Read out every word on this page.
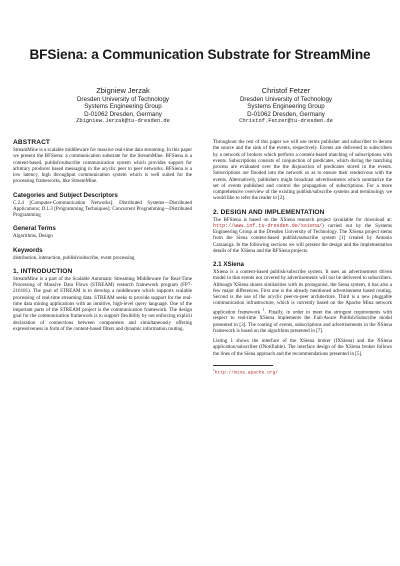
BFSiena: a Communication Substrate for StreamMine
Zbigniew Jerzak
Dresden University of Technology
Systems Engineering Group
D-01062 Dresden, Germany
Zbigniew.Jerzak@tu-dresden.de
Christof Fetzer
Dresden University of Technology
Systems Engineering Group
D-01062 Dresden, Germany
Christof.Fetzer@tu-dresden.de
ABSTRACT

StreamMine is a scalable middleware for massive real-time data streaming. In this paper we present the BFSiena: a communication substrate for the StreamMine. BFSiena is a content-based, publish/subscribe communication system which provides support for arbitrary producer based messaging in the acyclic peer to peer networks. BFSiena is a low latency, high throughput communication system which is well suited for the processing frameworks, like StreamMine.

Categories and Subject Descriptors

C.2.4 [Computer-Communication Networks]: Distributed Systems—Distributed Applications; D.1.3 [Programming Techniques]: Concurrent Programming—Distributed Programming

General Terms

Algorithms, Design

Keywords

distribution, interaction, publish/subscribe, event processing

1. INTRODUCTION

StreamMine is a part of the Scalable Automatic Streaming Middleware for Real-Time Processing of Massive Data Flows (STREAM) research framework program (FP7-216181). The goal of STREAM is to develop a middleware which supports scalable processing of real-time streaming data. STREAM seeks to provide support for the real-time data mining applications with an intuitive, high-level query language. One of the important parts of the STREAM project is the communication framework. The design goal for the communication framework is to support flexibility by not enforcing explicit declaration of connections between components and simultaneously offering expressiveness in form of the content-based filters and dynamic information routing.

Throughout the rest of this paper we will use terms publisher and subscriber to denote the source and the sink of the events, respectively. Events are delivered to subscribers by a network of brokers which perform a content-based matching of subscriptions with events. Subscriptions consists of conjunction of predicates, which during the matching process are evaluated over the the disjunction of predicates stored in the events. Subscriptions are flooded into the network so as to ensure their rendezvous with the events. Alternatively, publishers might broadcast advertisements which summarize the set of events published and control the propagation of subscriptions. For a more comprehensive overview of the existing publish/subscribe systems and terminology we would like to refer the reader to [2].

2. DESIGN AND IMPLEMENTATION

The BFSiena is based on the XSiena research project (available for download at: http://www.inf.tu-dresden.de/xsiena/) carried out by the Systems Engineering Group at the Dresden University of Technology. The XSiena project stems from the Siena content-based publish/subscribe system [1] created by Antonio Carzaniga. In the following sections we will present the design and the implementation details of the XSiena and the BFSiena projects.

2.1 XSiena

XSiena is a content-based publish/subscribe system. It uses an advertisement driven model in that events not covered by advertisements will not be delivered to subscribers. Although XSiena shares similarities with its protagonist, the Siena system, it has also a few major differences. First one is the already mentioned advertisement based routing. Second is the use of the acyclic peer-to-peer architecture. Third is a new pluggable communication infrastructure, which is currently based on the Apache Mina network application framework $^1$. Finally, in order to meet the stringent requirements with respect to real-time XSiena implements the Fail-Aware Publish/Subscribe model presented in [3]. The routing of events, subscriptions and advertisements in the XSiena framework is based on the algorithms presented in [7].

Listing 1 shows the interface of the XSiena broker (IXSiena) and the XSiena application/subscriber (INotifiable). The interface design of the XSiena broker follows the lines of the Siena approach and the recommendations presented in [5].

$^1$http://mina.apache.org/
